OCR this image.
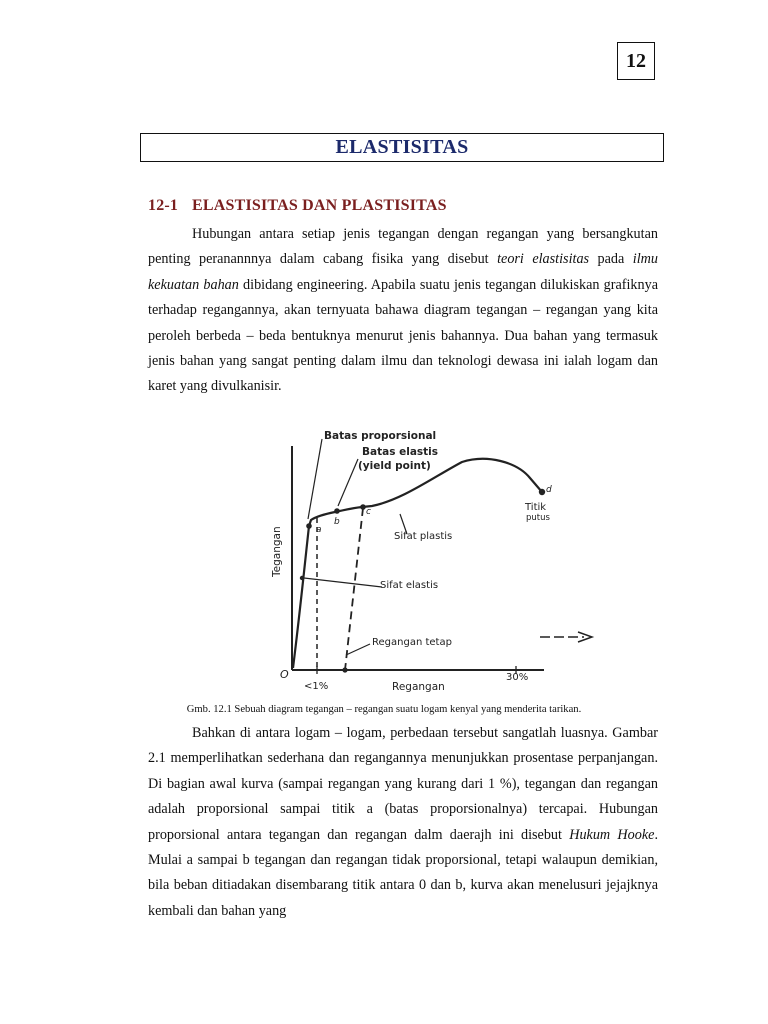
12
ELASTISITAS
12-1 ELASTISITAS DAN PLASTISITAS

Hubungan antara setiap jenis tegangan dengan regangan yang bersangkutan penting peranannnya dalam cabang fisika yang disebut teori elastisitas pada ilmu kekuatan bahan dibidang engineering. Apabila suatu jenis tegangan dilukiskan grafiknya terhadap regangannya, akan ternyuata bahawa diagram tegangan – regangan yang kita peroleh berbeda – beda bentuknya menurut jenis bahannya. Dua bahan yang termasuk jenis bahan yang sangat penting dalam ilmu dan teknologi dewasa ini ialah logam dan karet yang divulkanisir.

Batas proporsional
Batas elastis
(yield point)
Titik
putus
Sifat plastis
Sifat elastis
Regangan tetap
a
b
c
d
O
<1%
30%
Regangan
Tegangan
Gmb. 12.1 Sebuah diagram tegangan – regangan suatu logam kenyal yang menderita tarikan.

Bahkan di antara logam – logam, perbedaan tersebut sangatlah luasnya. Gambar 2.1 memperlihatkan sederhana dan regangannya menunjukkan prosentase perpanjangan. Di bagian awal kurva (sampai regangan yang kurang dari 1 %), tegangan dan regangan adalah proporsional sampai titik a (batas proporsionalnya) tercapai. Hubungan proporsional antara tegangan dan regangan dalm daerajh ini disebut Hukum Hooke. Mulai a sampai b tegangan dan regangan tidak proporsional, tetapi walaupun demikian, bila beban ditiadakan disembarang titik antara 0 dan b, kurva akan menelusuri jejajknya kembali dan bahan yang
